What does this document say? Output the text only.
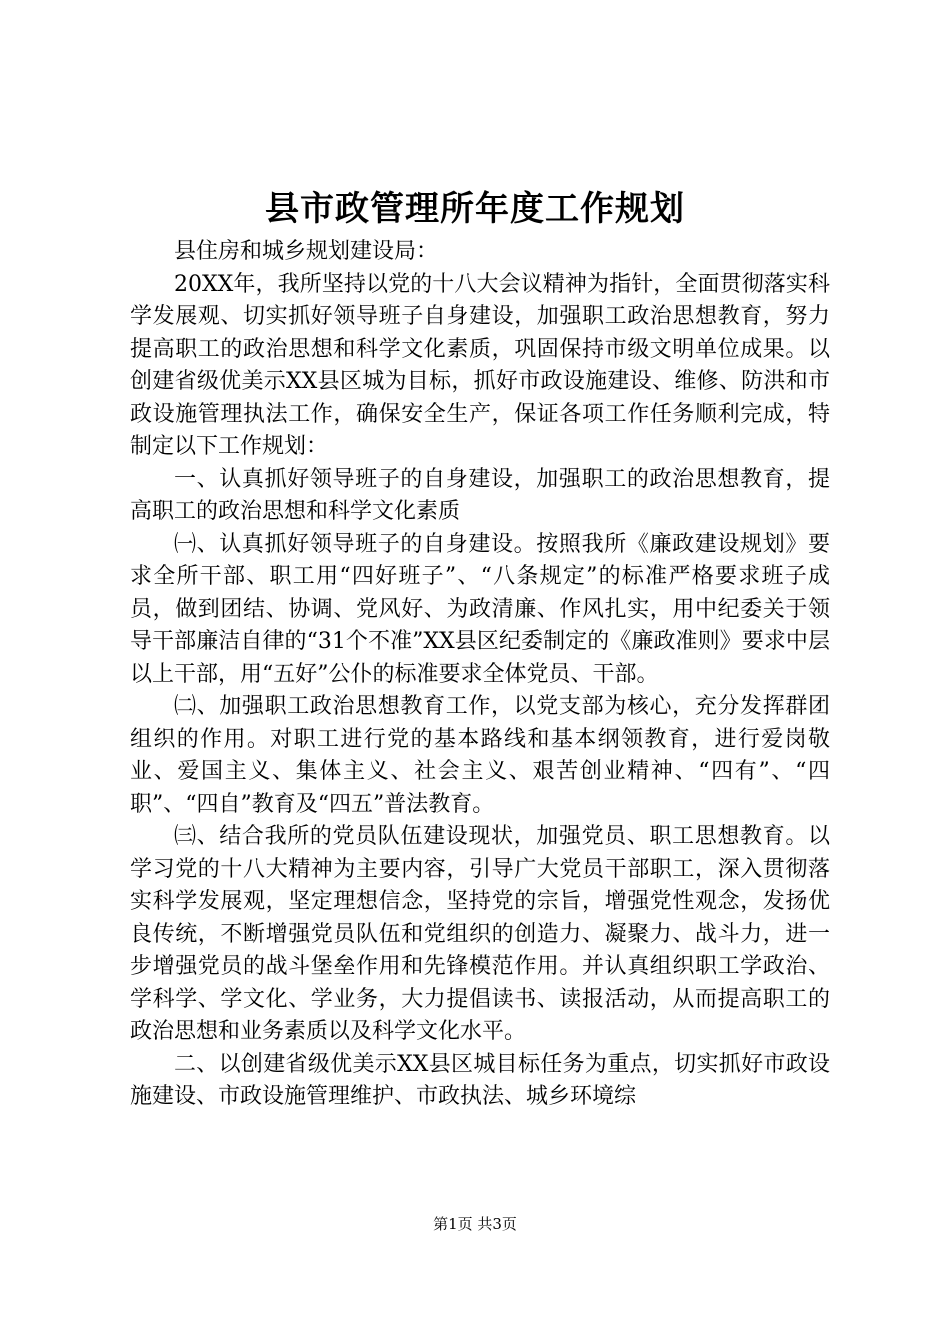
县市政管理所年度工作规划

县住房和城乡规划建设局：

20XX年，我所坚持以党的十八大会议精神为指针，全面贯彻落实科学发展观、切实抓好领导班子自身建设，加强职工政治思想教育，努力提高职工的政治思想和科学文化素质，巩固保持市级文明单位成果。以创建省级优美示XX县区城为目标，抓好市政设施建设、维修、防洪和市政设施管理执法工作，确保安全生产，保证各项工作任务顺利完成，特制定以下工作规划：

一、认真抓好领导班子的自身建设，加强职工的政治思想教育，提高职工的政治思想和科学文化素质

㈠、认真抓好领导班子的自身建设。按照我所《廉政建设规划》要求全所干部、职工用“四好班子”、“八条规定”的标准严格要求班子成员，做到团结、协调、党风好、为政清廉、作风扎实，用中纪委关于领导干部廉洁自律的“31个不准”XX县区纪委制定的《廉政准则》要求中层以上干部，用“五好”公仆的标准要求全体党员、干部。

㈡、加强职工政治思想教育工作，以党支部为核心，充分发挥群团组织的作用。对职工进行党的基本路线和基本纲领教育，进行爱岗敬业、爱国主义、集体主义、社会主义、艰苦创业精神、“四有”、“四职”、“四自”教育及“四五”普法教育。

㈢、结合我所的党员队伍建设现状，加强党员、职工思想教育。以学习党的十八大精神为主要内容，引导广大党员干部职工，深入贯彻落实科学发展观，坚定理想信念，坚持党的宗旨，增强党性观念，发扬优良传统，不断增强党员队伍和党组织的创造力、凝聚力、战斗力，进一步增强党员的战斗堡垒作用和先锋模范作用。并认真组织职工学政治、学科学、学文化、学业务，大力提倡读书、读报活动，从而提高职工的政治思想和业务素质以及科学文化水平。

二、以创建省级优美示XX县区城目标任务为重点，切实抓好市政设施建设、市政设施管理维护、市政执法、城乡环境综

第1页 共3页
